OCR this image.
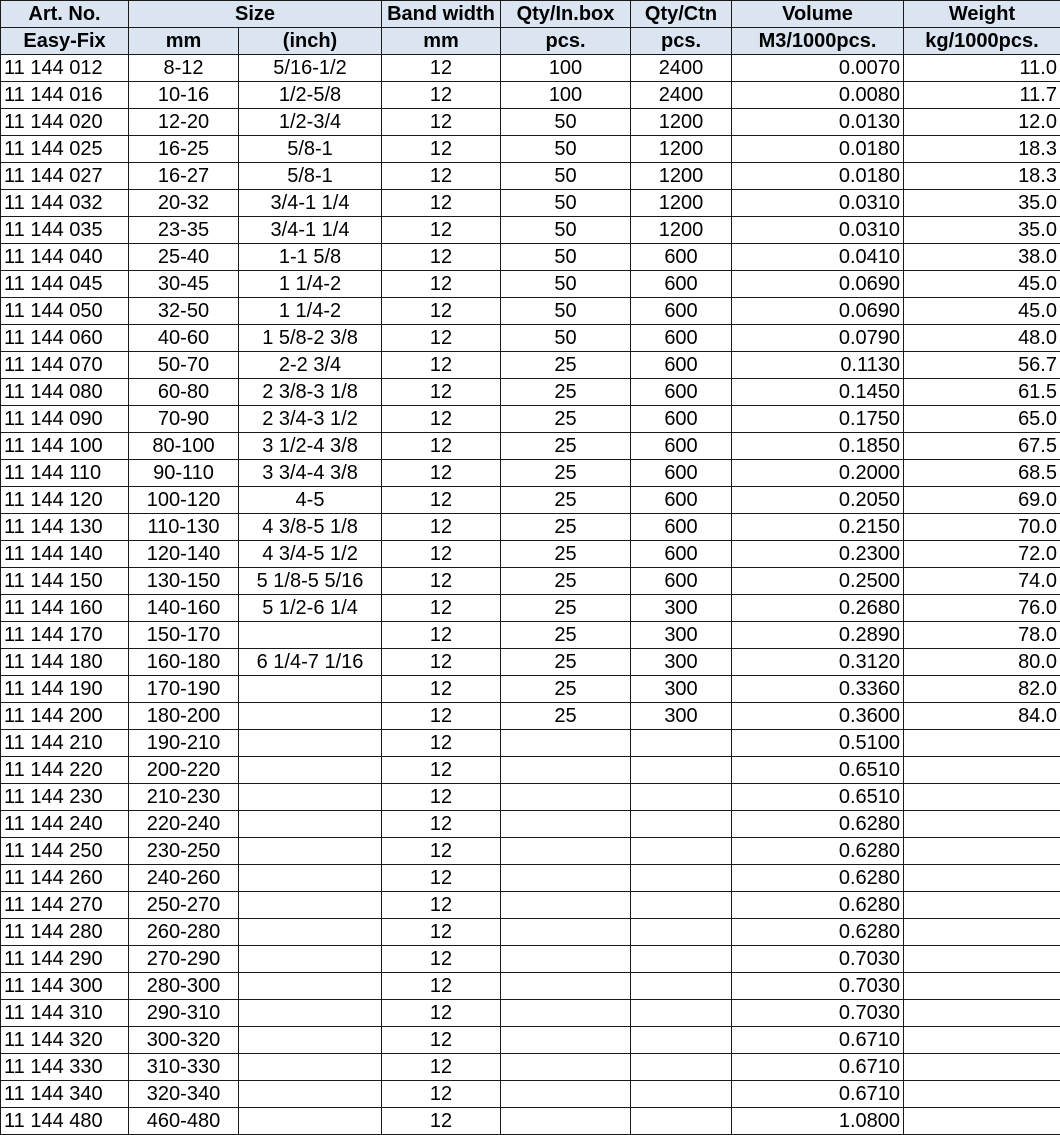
Art. No.	Size		Band width	Qty/In.box	Qty/Ctn	Volume	Weight
Easy-Fix	mm	(inch)	mm	pcs.	pcs.	M3/1000pcs.	kg/1000pcs.
11 144 012	8-12	5/16-1/2	12	100	2400	0.0070	11.0
11 144 016	10-16	1/2-5/8	12	100	2400	0.0080	11.7
11 144 020	12-20	1/2-3/4	12	50	1200	0.0130	12.0
11 144 025	16-25	5/8-1	12	50	1200	0.0180	18.3
11 144 027	16-27	5/8-1	12	50	1200	0.0180	18.3
11 144 032	20-32	3/4-1 1/4	12	50	1200	0.0310	35.0
11 144 035	23-35	3/4-1 1/4	12	50	1200	0.0310	35.0
11 144 040	25-40	1-1 5/8	12	50	600	0.0410	38.0
11 144 045	30-45	1 1/4-2	12	50	600	0.0690	45.0
11 144 050	32-50	1 1/4-2	12	50	600	0.0690	45.0
11 144 060	40-60	1 5/8-2 3/8	12	50	600	0.0790	48.0
11 144 070	50-70	2-2 3/4	12	25	600	0.1130	56.7
11 144 080	60-80	2 3/8-3 1/8	12	25	600	0.1450	61.5
11 144 090	70-90	2 3/4-3 1/2	12	25	600	0.1750	65.0
11 144 100	80-100	3 1/2-4 3/8	12	25	600	0.1850	67.5
11 144 110	90-110	3 3/4-4 3/8	12	25	600	0.2000	68.5
11 144 120	100-120	4-5	12	25	600	0.2050	69.0
11 144 130	110-130	4 3/8-5 1/8	12	25	600	0.2150	70.0
11 144 140	120-140	4 3/4-5 1/2	12	25	600	0.2300	72.0
11 144 150	130-150	5 1/8-5 5/16	12	25	600	0.2500	74.0
11 144 160	140-160	5 1/2-6 1/4	12	25	300	0.2680	76.0
11 144 170	150-170		12	25	300	0.2890	78.0
11 144 180	160-180	6 1/4-7 1/16	12	25	300	0.3120	80.0
11 144 190	170-190		12	25	300	0.3360	82.0
11 144 200	180-200		12	25	300	0.3600	84.0
11 144 210	190-210		12			0.5100	
11 144 220	200-220		12			0.6510	
11 144 230	210-230		12			0.6510	
11 144 240	220-240		12			0.6280	
11 144 250	230-250		12			0.6280	
11 144 260	240-260		12			0.6280	
11 144 270	250-270		12			0.6280	
11 144 280	260-280		12			0.6280	
11 144 290	270-290		12			0.7030	
11 144 300	280-300		12			0.7030	
11 144 310	290-310		12			0.7030	
11 144 320	300-320		12			0.6710	
11 144 330	310-330		12			0.6710	
11 144 340	320-340		12			0.6710	
11 144 480	460-480		12			1.0800	
